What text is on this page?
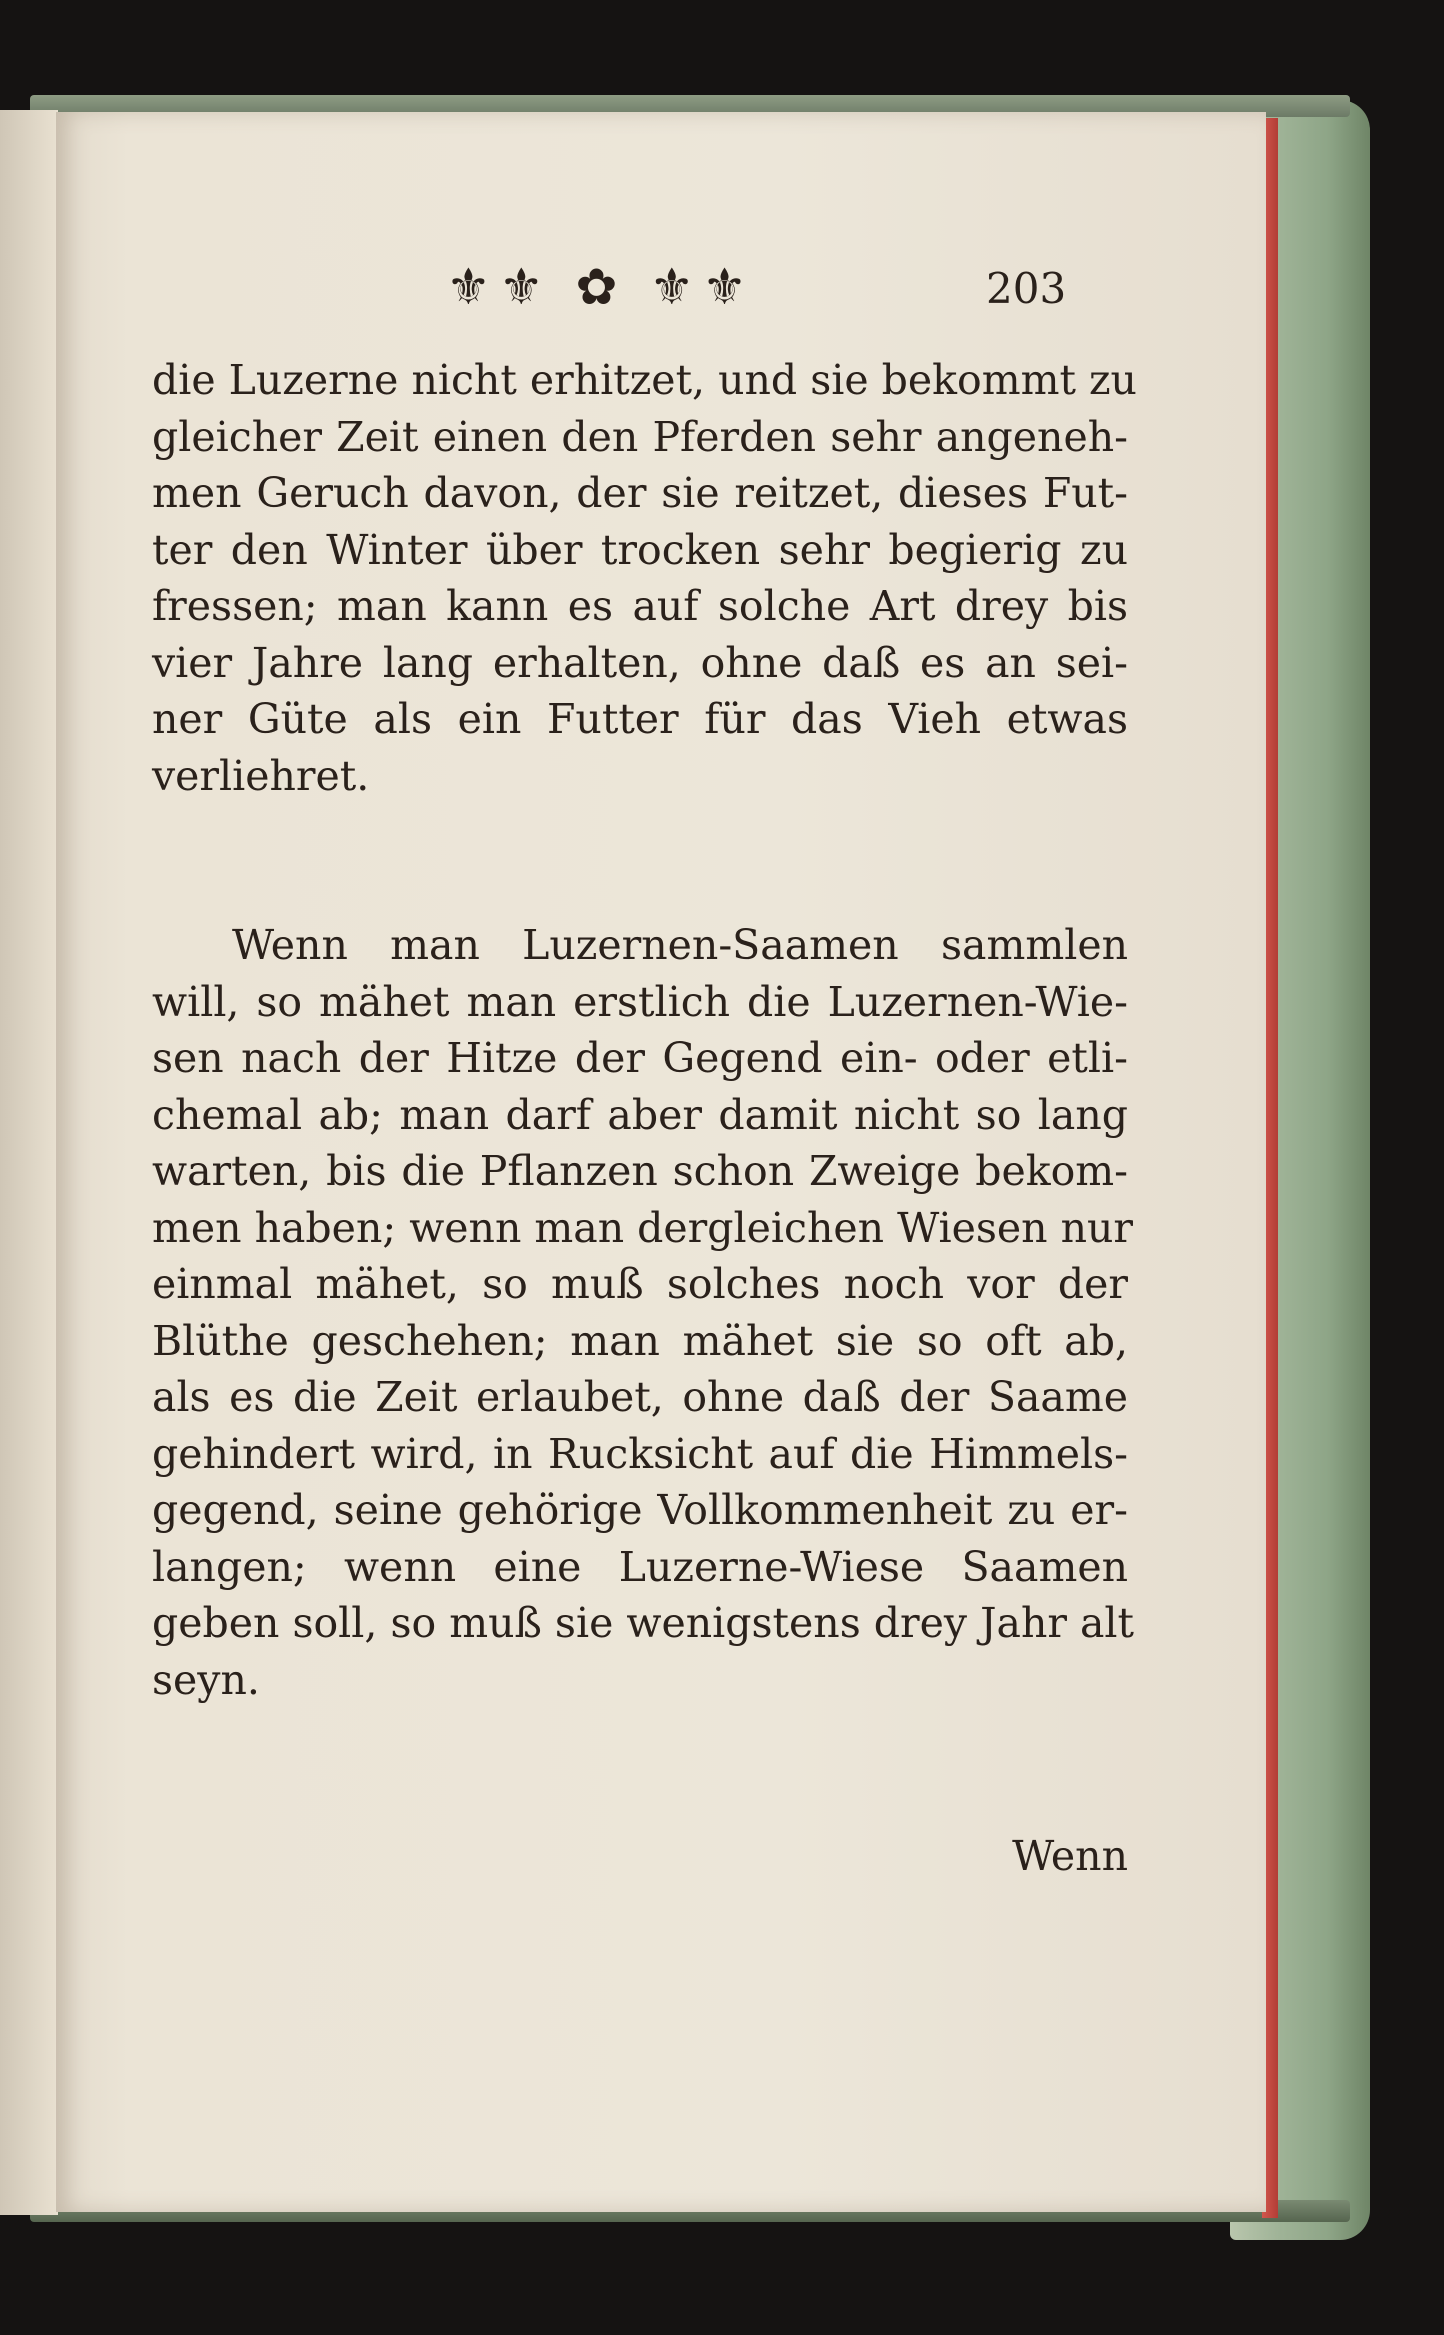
⚜⚜ ✿ ⚜⚜	203
die Luzerne nicht erhitzet, und sie bekommt zu
gleicher Zeit einen den Pferden sehr angeneh-
men Geruch davon, der sie reitzet, dieses Fut-
ter den Winter über trocken sehr begierig zu
fressen; man kann es auf solche Art drey bis
vier Jahre lang erhalten, ohne daß es an sei-
ner Güte als ein Futter für das Vieh etwas
verliehret.
Wenn man Luzernen-Saamen sammlen
will, so mähet man erstlich die Luzernen-Wie-
sen nach der Hitze der Gegend ein- oder etli-
chemal ab; man darf aber damit nicht so lang
warten, bis die Pflanzen schon Zweige bekom-
men haben; wenn man dergleichen Wiesen nur
einmal mähet, so muß solches noch vor der
Blüthe geschehen; man mähet sie so oft ab,
als es die Zeit erlaubet, ohne daß der Saame
gehindert wird, in Rucksicht auf die Himmels-
gegend, seine gehörige Vollkommenheit zu er-
langen; wenn eine Luzerne-Wiese Saamen
geben soll, so muß sie wenigstens drey Jahr alt
seyn.
Wenn
